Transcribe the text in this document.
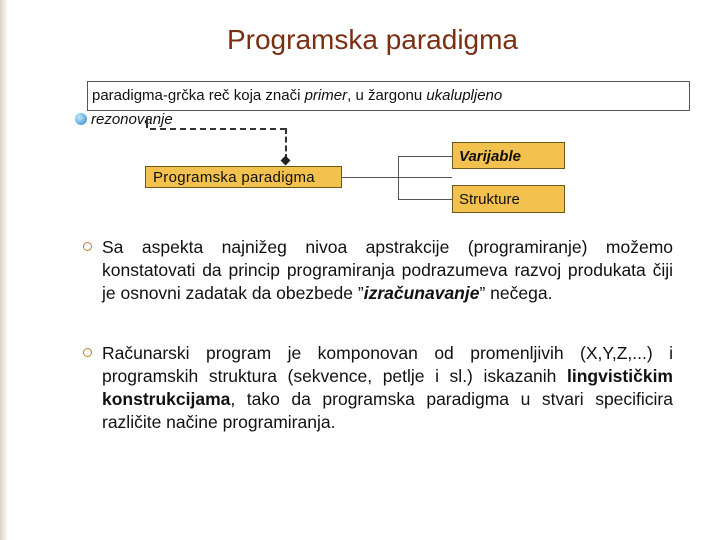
Programska paradigma
paradigma-grčka reč koja znači primer, u žargonu ukalupljeno
rezonovanje
Programska paradigma
Varijable
Strukture
Sa aspekta najnižeg nivoa apstrakcije (programiranje) možemo konstatovati da princip programiranja podrazumeva razvoj produkata čiji je osnovni zadatak da obezbede ”izračunavanje” nečega.
Računarski program je komponovan od promenljivih (X,Y,Z,...) i programskih struktura (sekvence, petlje i sl.) iskazanih lingvističkim konstrukcijama, tako da programska paradigma u stvari specificira različite načine programiranja.
